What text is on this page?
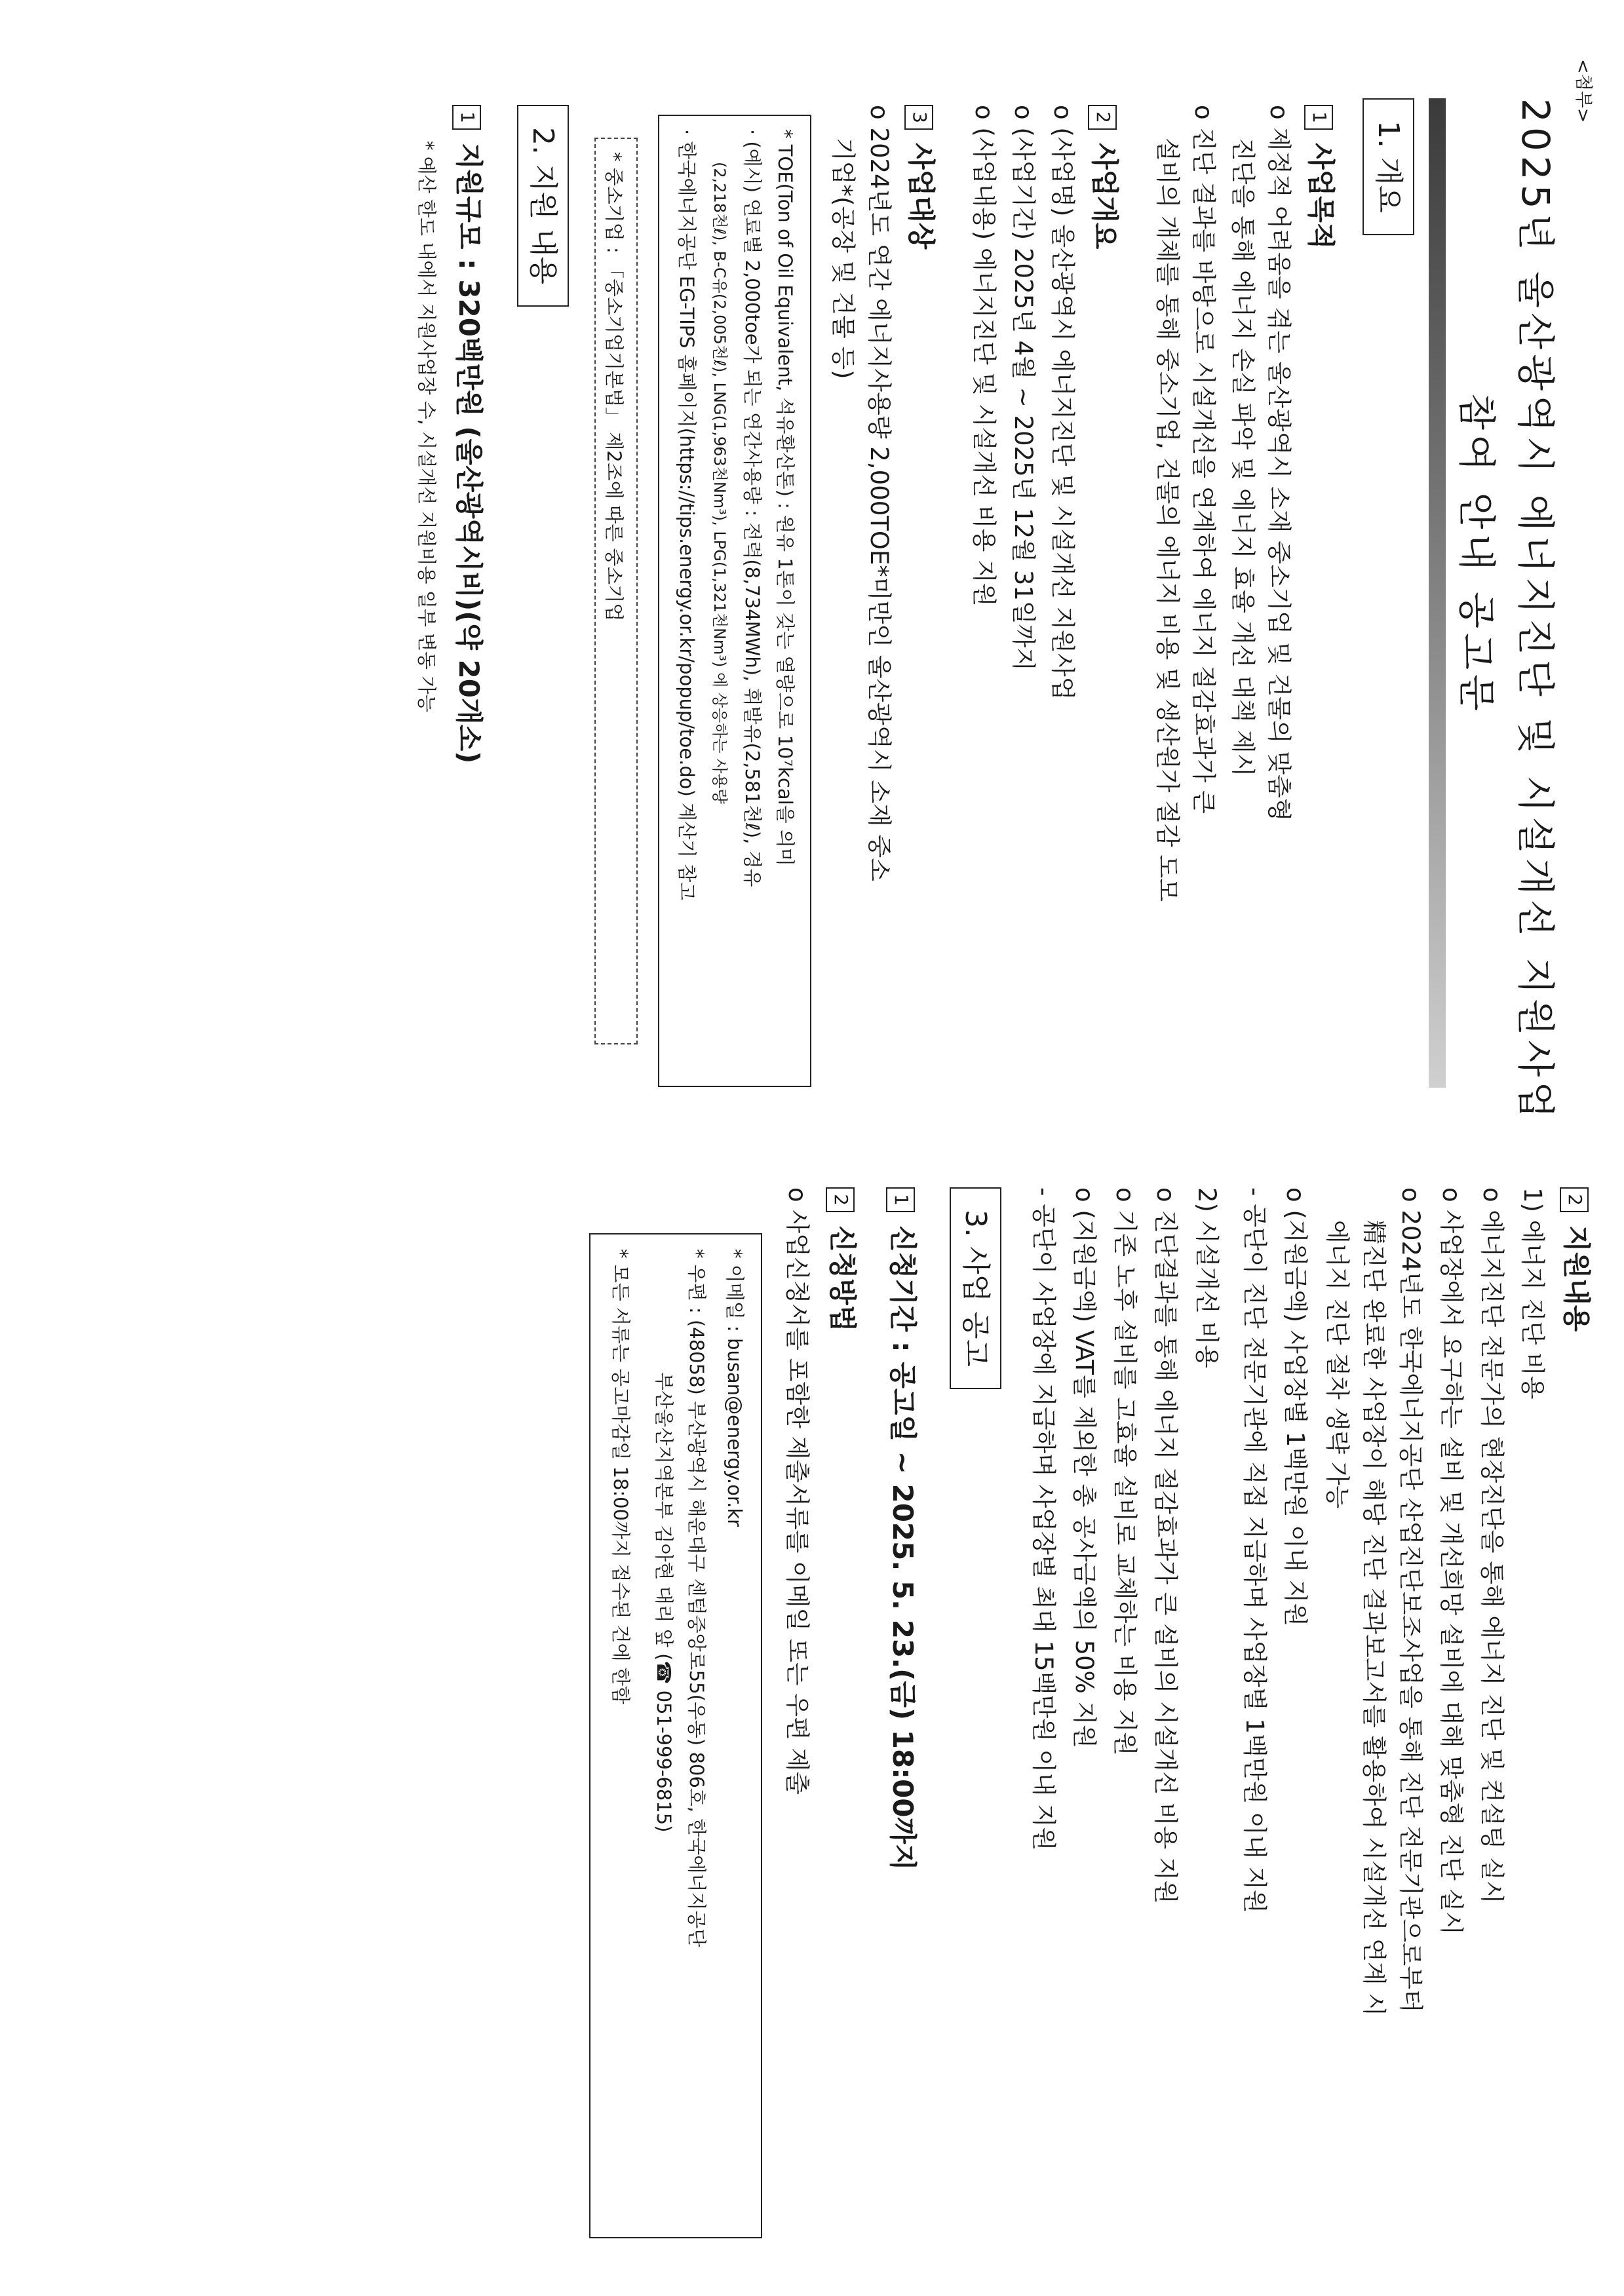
<첨부>
2025년 울산광역시 에너지진단 및 시설개선 지원사업
참여 안내 공고문
1. 개요
1사업목적
o 제정적 어려움을 겪는 울산광역시 소재 중소기업 및 건물의 맞춤형
진단을 통해 에너지 손실 파악 및 에너지 효율 개선 대책 제시
o 진단 결과를 바탕으로 시설개선을 연계하여 에너지 절감효과가 큰
설비의 개체를 통해 중소기업, 건물의 에너지 비용 및 생산원가 절감 도모
2사업개요
o (사업명) 울산광역시 에너지진단 및 시설개선 지원사업
o (사업기간) 2025년 4월 ~ 2025년 12월 31일까지
o (사업내용) 에너지진단 및 시설개선 비용 지원
3사업대상
o 2024년도 연간 에너지사용량 2,000TOE*미만인 울산광역시 소재 중소
기업*(공장 및 건물 등)
* TOE(Ton of Oil Equivalent, 석유환산톤) : 원유 1톤이 갖는 열량으로 10⁷kcal을 의미
· (예시) 연료별 2,000toe가 되는 연간사용량 : 전력(8,734MWh), 휘발유(2,581천ℓ), 경유
(2,218천ℓ), B-C유(2,005천ℓ), LNG(1,963천Nm³), LPG(1,321천Nm³) 에 상응하는 사용량
· 한국에너지공단 EG-TIPS 홈페이지(https://tips.energy.or.kr/popup/toe.do) 계산기 참고
* 중소기업 : 「중소기업기본법」 제2조에 따른 중소기업
2. 지원 내용
1지원규모 : 320백만원 (울산광역시비)(약 20개소)
* 예산 한도 내에서 지원사업장 수, 시설개선 지원비용 일부 변동 가능
2지원내용
1) 에너지 진단 비용
o 에너지진단 전문가의 현장진단을 통해 에너지 진단 및 컨설팅 실시
o 사업장에서 요구하는 설비 및 개선희망 설비에 대해 맞춤형 진단 실시
o 2024년도 한국에너지공단 산업진단보조사업을 통해 진단 전문기관으로부터
精진단 완료한 사업장이 해당 진단 결과보고서를 활용하여 시설개선 연계 시
에너지 진단 절차 생략 가능
o (지원금액) 사업장별 1백만원 이내 지원
- 공단이 진단 전문기관에 직접 지급하며 사업장별 1백만원 이내 지원
2) 시설개선 비용
o 진단결과를 통해 에너지 절감효과가 큰 설비의 시설개선 비용 지원
o 기존 노후 설비를 고효율 설비로 교체하는 비용 지원
o (지원금액) VAT를 제외한 총 공사금액의 50% 지원
- 공단이 사업장에 지급하며 사업장별 최대 15백만원 이내 지원
3. 사업 공고
1신청기간 : 공고일 ~ 2025. 5. 23.(금) 18:00까지
2신청방법
o 사업신청서를 포함한 제출서류를 이메일 또는 우편 제출
* 이메일 : busan@energy.or.kr
* 우편 : (48058) 부산광역시 해운대구 센텀중앙로55(우동) 806호, 한국에너지공단
부산울산지역본부 김아현 대리 앞 (☎ 051-999-6815)
* 모든 서류는 공고마감일 18:00까지 접수된 건에 한함
